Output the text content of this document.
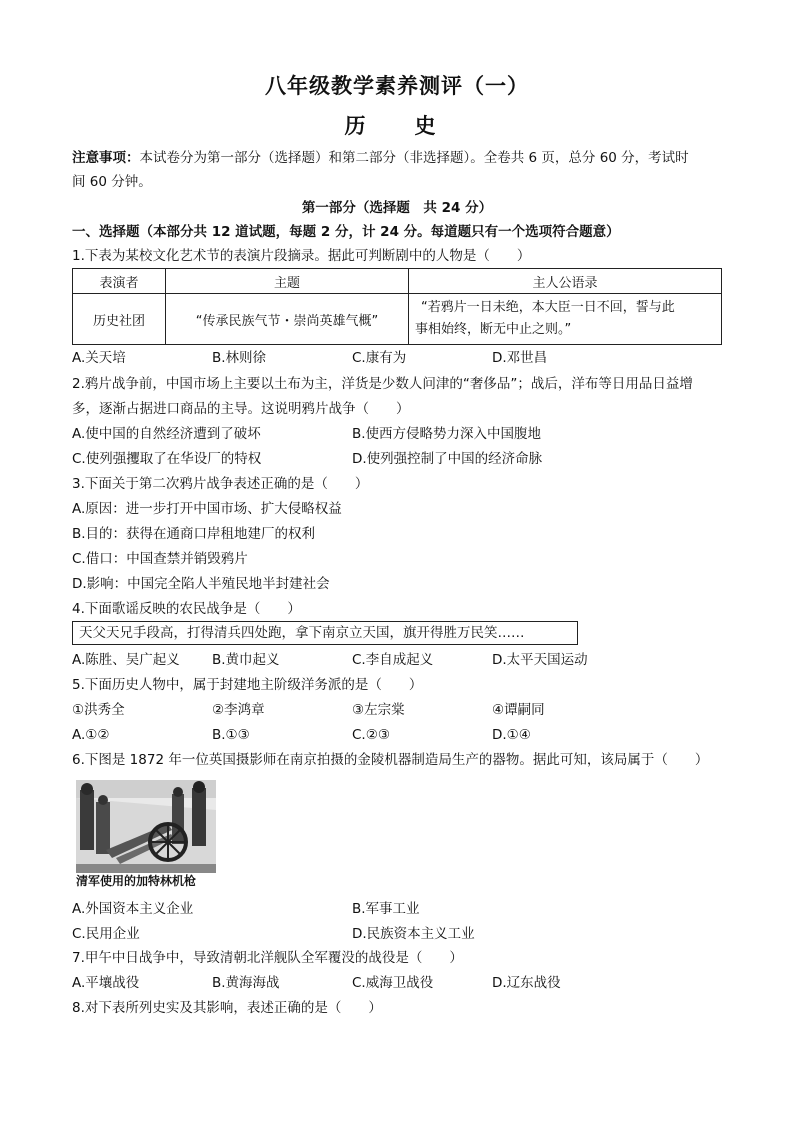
八年级教学素养测评（一）
历　史
注意事项：本试卷分为第一部分（选择题）和第二部分（非选择题）。全卷共 6 页，总分 60 分，考试时
间 60 分钟。
第一部分（选择题　共 24 分）
一、选择题（本部分共 12 道试题，每题 2 分，计 24 分。每道题只有一个选项符合题意）
1.下表为某校文化艺术节的表演片段摘录。据此可判断剧中的人物是（　　）
表演者	主题	主人公语录
历史社团	“传承民族气节・崇尚英雄气概”	“若鸦片一日未绝，本大臣一日不回，誓与此
事相始终，断无中止之则。”
A.关天培	B.林则徐	C.康有为	D.邓世昌
2.鸦片战争前，中国市场上主要以土布为主，洋货是少数人问津的“奢侈品”；战后，洋布等日用品日益增
多，逐渐占据进口商品的主导。这说明鸦片战争（　　）
A.使中国的自然经济遭到了破坏	B.使西方侵略势力深入中国腹地
C.使列强攫取了在华设厂的特权	D.使列强控制了中国的经济命脉
3.下面关于第二次鸦片战争表述正确的是（　　）
A.原因：进一步打开中国市场、扩大侵略权益
B.目的：获得在通商口岸租地建厂的权利
C.借口：中国查禁并销毁鸦片
D.影响：中国完全陷人半殖民地半封建社会
4.下面歌谣反映的农民战争是（　　）
天父天兄手段高，打得清兵四处跑，拿下南京立天国，旗开得胜万民笑……
A.陈胜、吴广起义 B.黄巾起义	C.李自成起义	D.太平天国运动
5.下面历史人物中，属于封建地主阶级洋务派的是（　　）
①洪秀全	②李鸿章	③左宗棠	④谭嗣同
A.①②	B.①③	C.②③	D.①④
6.下图是 1872 年一位英国摄影师在南京拍摄的金陵机器制造局生产的器物。据此可知，该局属于（　　）
清军使用的加特林机枪
A.外国资本主义企业	B.军事工业
C.民用企业	D.民族资本主义工业
7.甲午中日战争中，导致清朝北洋舰队全军覆没的战役是（　　）
A.平壤战役	B.黄海海战	C.威海卫战役	D.辽东战役
8.对下表所列史实及其影响，表述正确的是（　　）
